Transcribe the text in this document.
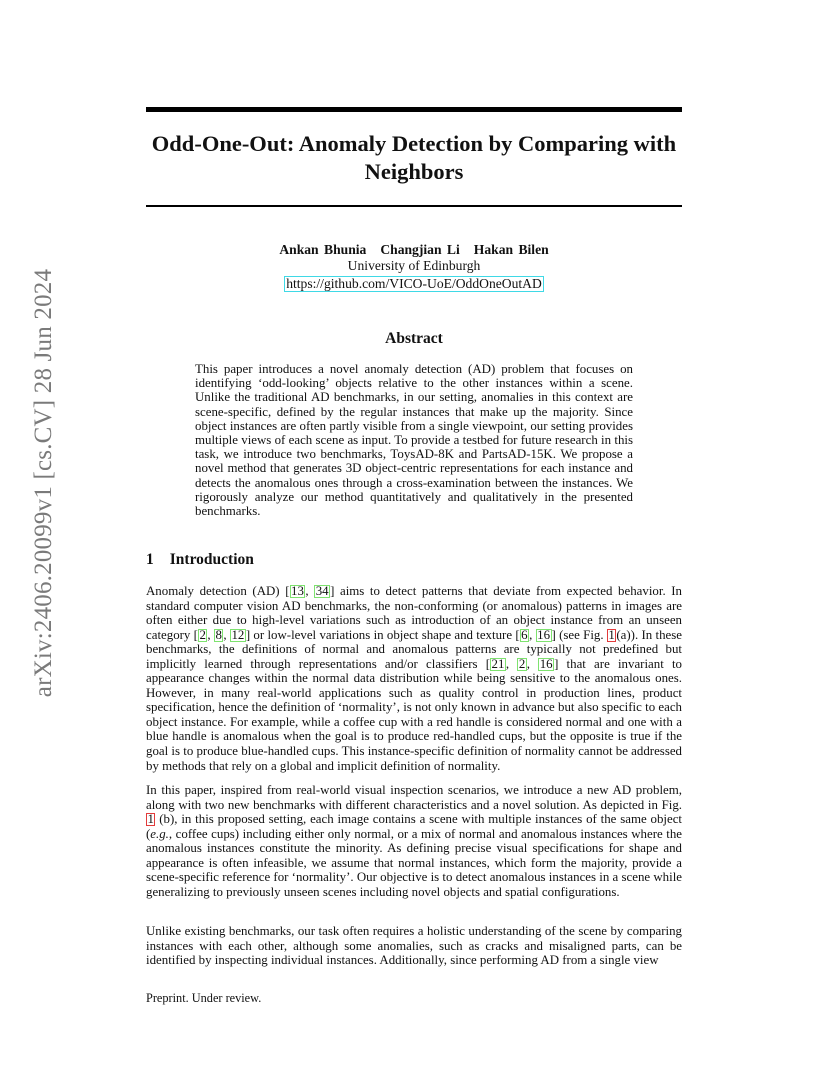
arXiv:2406.20099v1 [cs.CV] 28 Jun 2024
Odd-One-Out: Anomaly Detection by Comparing with Neighbors
Ankan Bhunia Changjian Li Hakan Bilen
University of Edinburgh
https://github.com/VICO-UoE/OddOneOutAD
Abstract
This paper introduces a novel anomaly detection (AD) problem that focuses on identifying ‘odd-looking’ objects relative to the other instances within a scene. Unlike the traditional AD benchmarks, in our setting, anomalies in this context are scene-specific, defined by the regular instances that make up the majority. Since object instances are often partly visible from a single viewpoint, our setting provides multiple views of each scene as input. To provide a testbed for future research in this task, we introduce two benchmarks, ToysAD-8K and PartsAD-15K. We propose a novel method that generates 3D object-centric representations for each instance and detects the anomalous ones through a cross-examination between the instances. We rigorously analyze our method quantitatively and qualitatively in the presented benchmarks.
1 Introduction
Anomaly detection (AD) [ 13 , 34 ] aims to detect patterns that deviate from expected behavior. In standard computer vision AD benchmarks, the non-conforming (or anomalous) patterns in images are often either due to high-level variations such as introduction of an object instance from an unseen category [ 2 , 8 , 12 ] or low-level variations in object shape and texture [ 6 , 16 ] (see Fig. 1 (a)). In these benchmarks, the definitions of normal and anomalous patterns are typically not predefined but implicitly learned through representations and/or classifiers [ 21 , 2 , 16 ] that are invariant to appearance changes within the normal data distribution while being sensitive to the anomalous ones. However, in many real-world applications such as quality control in production lines, product specification, hence the definition of ‘normality’, is not only known in advance but also specific to each object instance. For example, while a coffee cup with a red handle is considered normal and one with a blue handle is anomalous when the goal is to produce red-handled cups, but the opposite is true if the goal is to produce blue-handled cups. This instance-specific definition of normality cannot be addressed by methods that rely on a global and implicit definition of normality.
In this paper, inspired from real-world visual inspection scenarios, we introduce a new AD problem, along with two new benchmarks with different characteristics and a novel solution. As depicted in Fig. 1 (b), in this proposed setting, each image contains a scene with multiple instances of the same object (e.g., coffee cups) including either only normal, or a mix of normal and anomalous instances where the anomalous instances constitute the minority. As defining precise visual specifications for shape and appearance is often infeasible, we assume that normal instances, which form the majority, provide a scene-specific reference for ‘normality’. Our objective is to detect anomalous instances in a scene while generalizing to previously unseen scenes including novel objects and spatial configurations.
Unlike existing benchmarks, our task often requires a holistic understanding of the scene by comparing instances with each other, although some anomalies, such as cracks and misaligned parts, can be identified by inspecting individual instances. Additionally, since performing AD from a single view
Preprint. Under review.
